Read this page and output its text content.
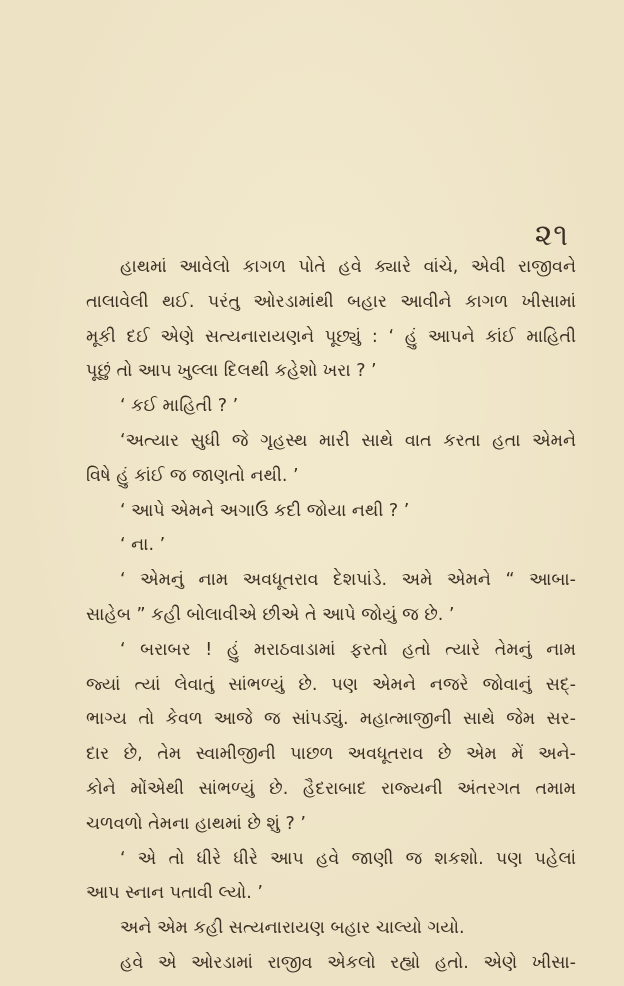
૨૧
હાથમાં આવેલો કાગળ પોતે હવે ક્યારે વાંચે, એવી રાજીવને
તાલાવેલી થઈ. પરંતુ ઓરડામાંથી બહાર આવીને કાગળ ખીસામાં
મૂકી દઈ એણે સત્યનારાયણને પૂછ્યું : ‘ હું આપને કાંઈ માહિતી
પૂછું તો આપ ખુલ્લા દિલથી કહેશો ખરા ? ’
‘ કઈ માહિતી ? ’
‘અત્યાર સુધી જે ગૃહસ્થ મારી સાથે વાત કરતા હતા એમને
વિષે હું કાંઈ જ જાણતો નથી. ’
‘ આપે એમને અગાઉ કદી જોયા નથી ? ’
‘ ના. ’
‘ એમનું નામ અવધૂતરાવ દેશપાંડે. અમે એમને “ આબા-
સાહેબ ” કહી બોલાવીએ છીએ તે આપે જોયું જ છે. ’
‘ બરાબર ! હું મરાઠવાડામાં ફરતો હતો ત્યારે તેમનું નામ
જ્યાં ત્યાં લેવાતું સાંભળ્યું છે. પણ એમને નજરે જોવાનું સદ્‌-
ભાગ્ય તો કેવળ આજે જ સાંપડ્યું. મહાત્માજીની સાથે જેમ સર-
દાર છે, તેમ સ્વામીજીની પાછળ અવધૂતરાવ છે એમ મેં અને-
કોને મોંએથી સાંભળ્યું છે. હૈદરાબાદ રાજ્યની અંતરગત તમામ
ચળવળો તેમના હાથમાં છે શું ? ’
‘ એ તો ધીરે ધીરે આપ હવે જાણી જ શકશો. પણ પહેલાં
આપ સ્નાન પતાવી લ્યો. ’
અને એમ કહી સત્યનારાયણ બહાર ચાલ્યો ગયો.
હવે એ ઓરડામાં રાજીવ એકલો રહ્યો હતો. એણે ખીસા-
